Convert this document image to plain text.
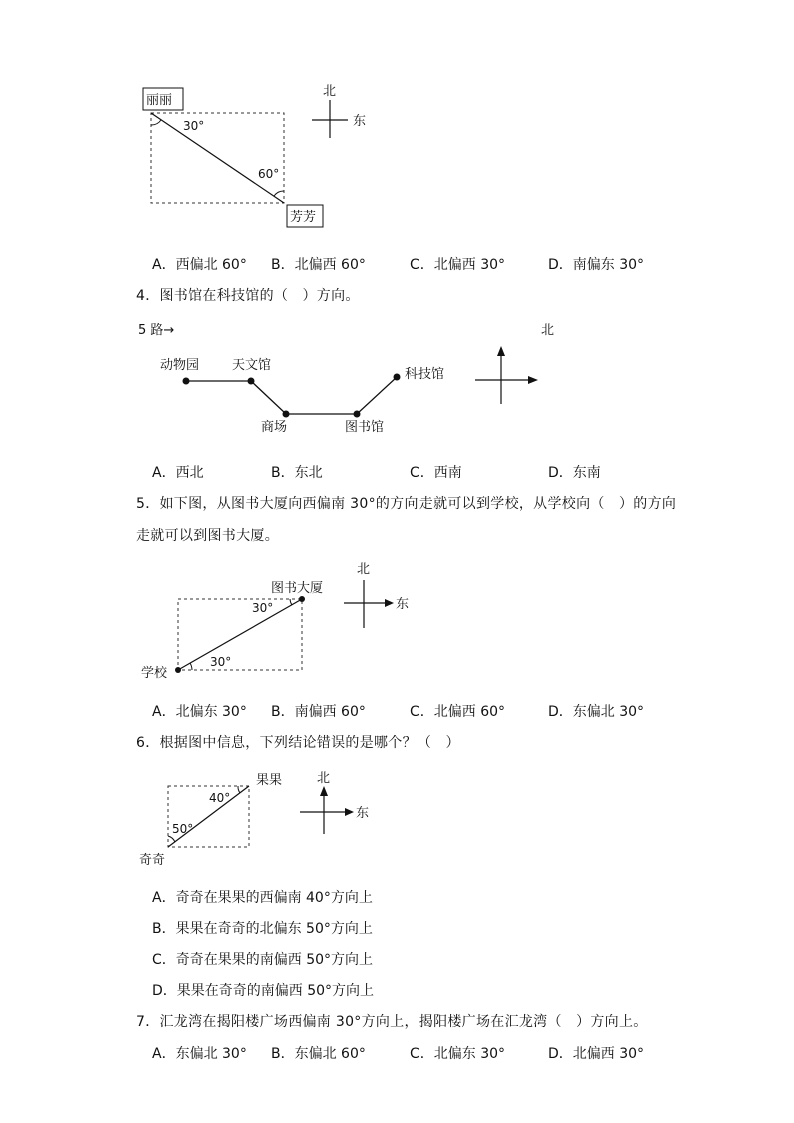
丽丽
芳芳
30°
60°
北
东
A．西偏北 60° B．北偏西 60°	C．北偏西 30°	D．南偏东 30°
4．图书馆在科技馆的（　）方向。
5 路→	北
动物园	天文馆
商场	图书馆
科技馆
A．西北	B．东北	C．西南	D．东南
5．如下图，从图书大厦向西偏南 30°的方向走就可以到学校，从学校向（　）的方向
走就可以到图书大厦。
图书大厦
学校
30°
30°
北
东
A．北偏东 30° B．南偏西 60°	C．北偏西 60°	D．东偏北 30°
6．根据图中信息，下列结论错误的是哪个？（　）
果果
奇奇
40°
50°
北
东
A．奇奇在果果的西偏南 40°方向上
B．果果在奇奇的北偏东 50°方向上
C．奇奇在果果的南偏西 50°方向上
D．果果在奇奇的南偏西 50°方向上
7．汇龙湾在揭阳楼广场西偏南 30°方向上，揭阳楼广场在汇龙湾（　）方向上。
A．东偏北 30° B．东偏北 60°	C．北偏东 30°	D．北偏西 30°
